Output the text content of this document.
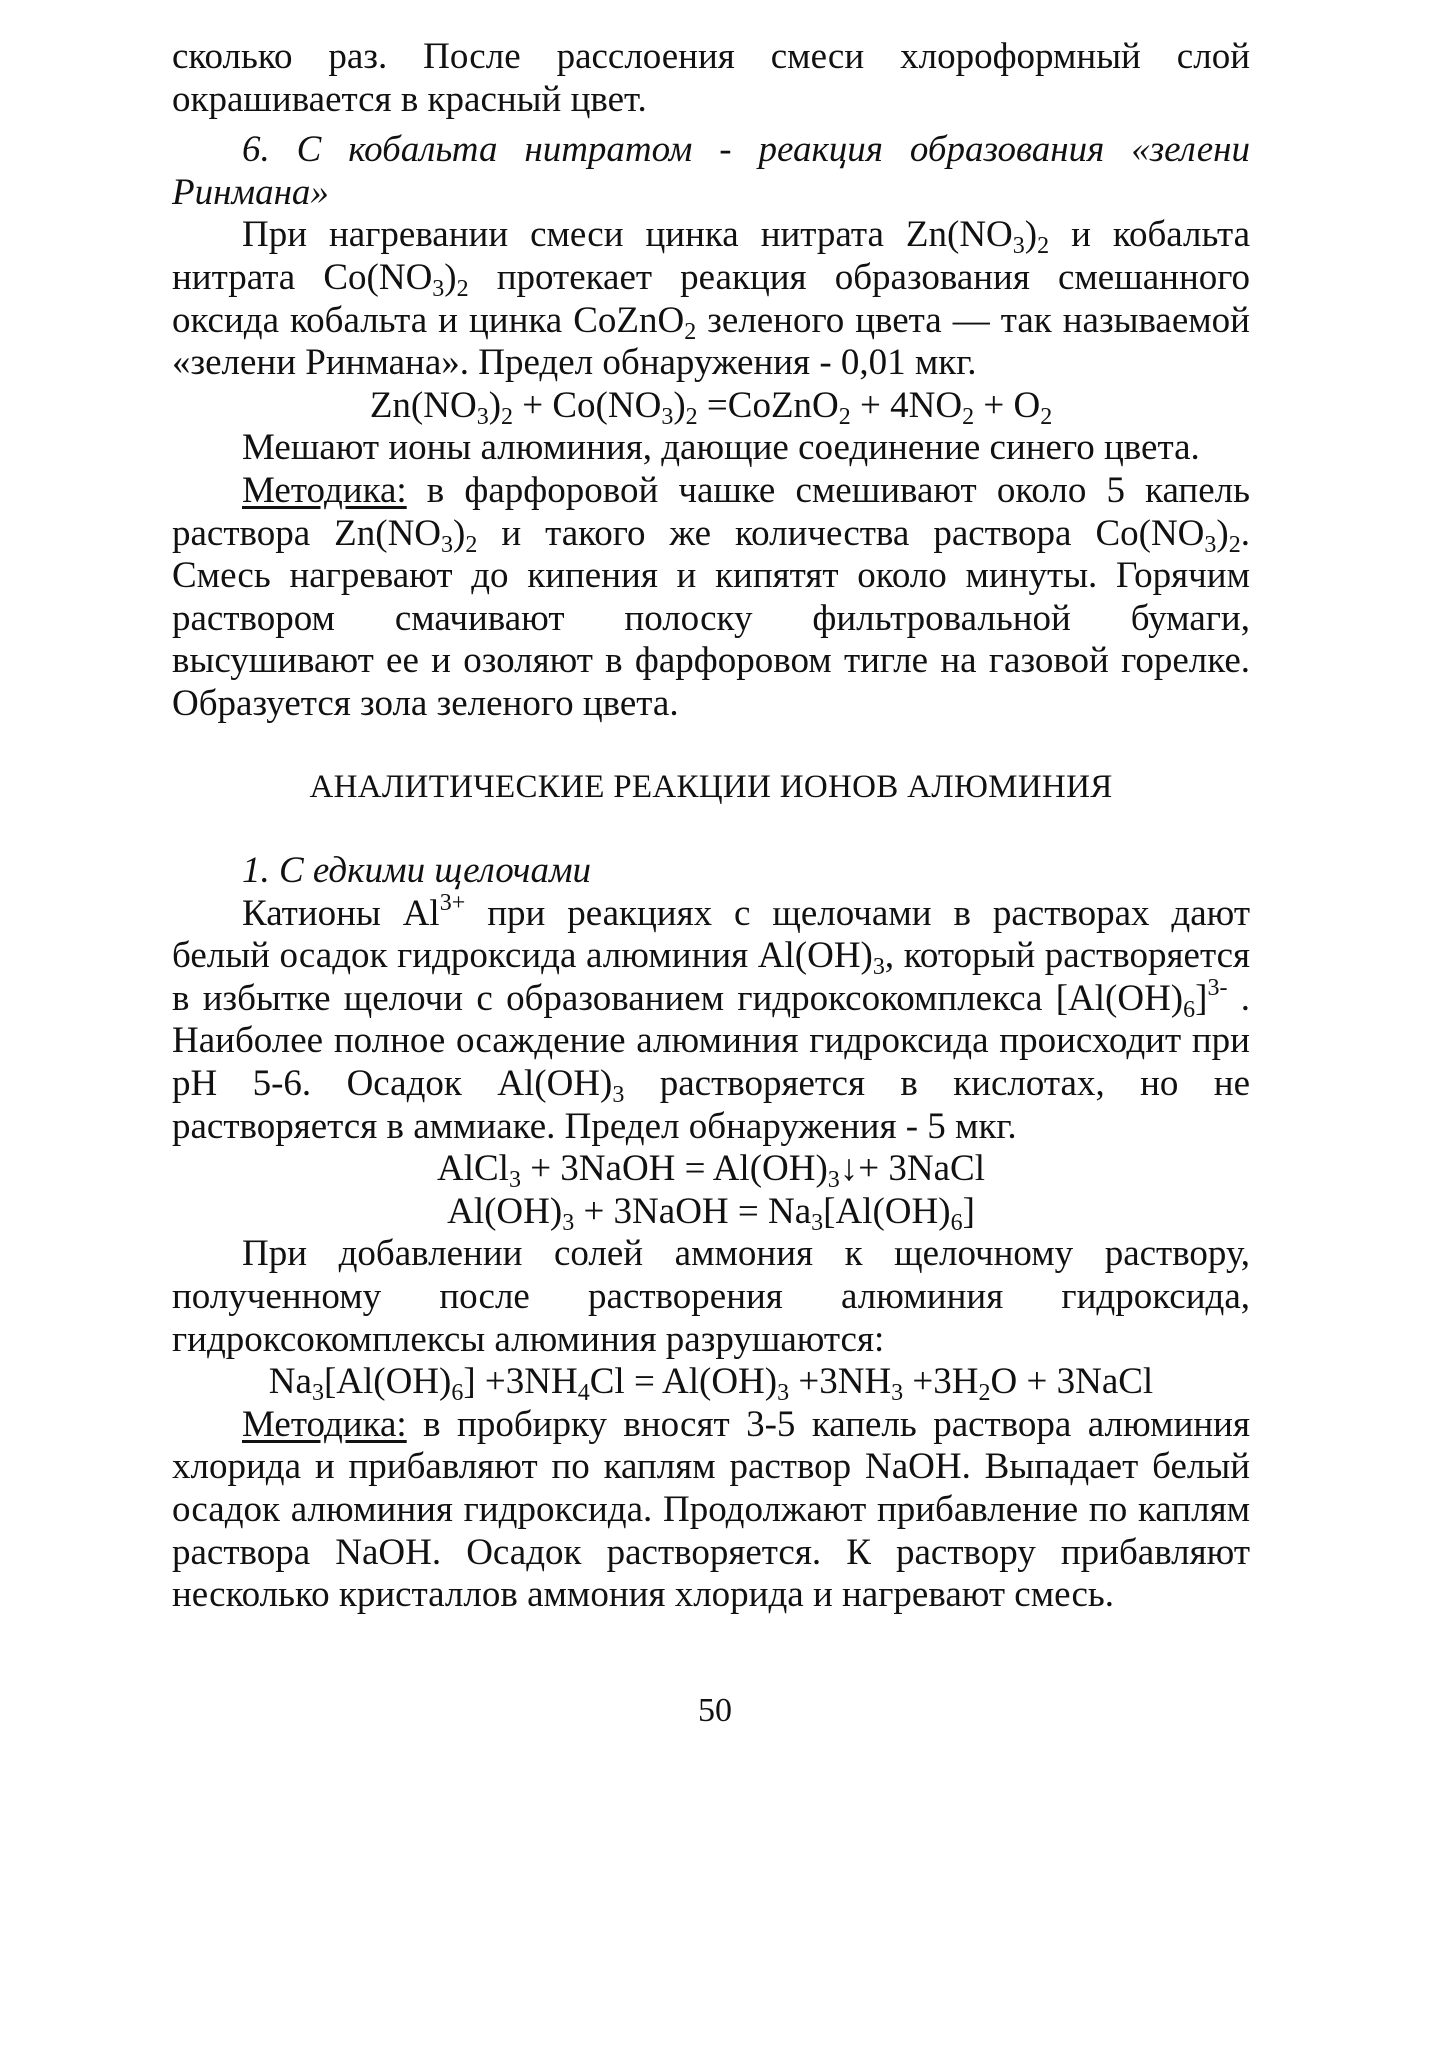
сколько раз. После расслоения смеси хлороформный слой окрашивается в красный цвет.

6. С кобальта нитратом - реакция образования «зелени Ринмана»

При нагревании смеси цинка нитрата $Zn(NO_3)_2$ и кобальта нитрата $Co(NO_3)_2$ протекает реакция образования смешанного оксида кобальта и цинка CoZnO$_2$ зеленого цвета — так называемой «зелени Ринмана». Предел обнаружения - 0,01 мкг.

$Zn(NO_3)_2 + Co(NO_3)_2$ =CoZnO$_2$ + $4NO_2 + O_2$

Мешают ионы алюминия, дающие соединение синего цвета.

Методика: в фарфоровой чашке смешивают около 5 капель раствора $Zn(NO_3)_2$ и такого же количества раствора $Co(NO_3)_2$. Смесь нагревают до кипения и кипятят около минуты. Горячим раствором смачивают полоску фильтровальной бумаги, высушивают ее и озоляют в фарфоровом тигле на газовой горелке. Образуется зола зеленого цвета.

АНАЛИТИЧЕСКИЕ РЕАКЦИИ ИОНОВ АЛЮМИНИЯ

1. С едкими щелочами

Катионы $Al^{3+}$ при реакциях с щелочами в растворах дают белый осадок гидроксида алюминия $Al(OH)_3$, который растворяется в избытке щелочи с образованием гидроксокомплекса $[Al(OH)_6]^{3-}$ . Наиболее полное осаждение алюминия гидроксида происходит при pH 5-6. Осадок $Al(OH)_3$ растворяется в кислотах, но не растворяется в аммиаке. Предел обнаружения - 5 мкг.

AlCl$_3$ + 3NaOH = $Al(OH)_3↓+$ 3NaCl

$Al(OH)_3$ + 3NaOH = $Na_3[Al(OH)_6]$

При добавлении солей аммония к щелочному раствору, полученному после растворения алюминия гидроксида, гидроксокомплексы алюминия разрушаются:

$Na_3[Al(OH)_6] +3NH_4Cl = Al(OH)_3 +3NH_3 +3H_2O$ + 3NaCl

Методика: в пробирку вносят 3-5 капель раствора алюминия хлорида и прибавляют по каплям раствор NaOH. Выпадает белый осадок алюминия гидроксида. Продолжают прибавление по каплям раствора NaOH. Осадок растворяется. К раствору прибавляют несколько кристаллов аммония хлорида и нагревают смесь.

50
